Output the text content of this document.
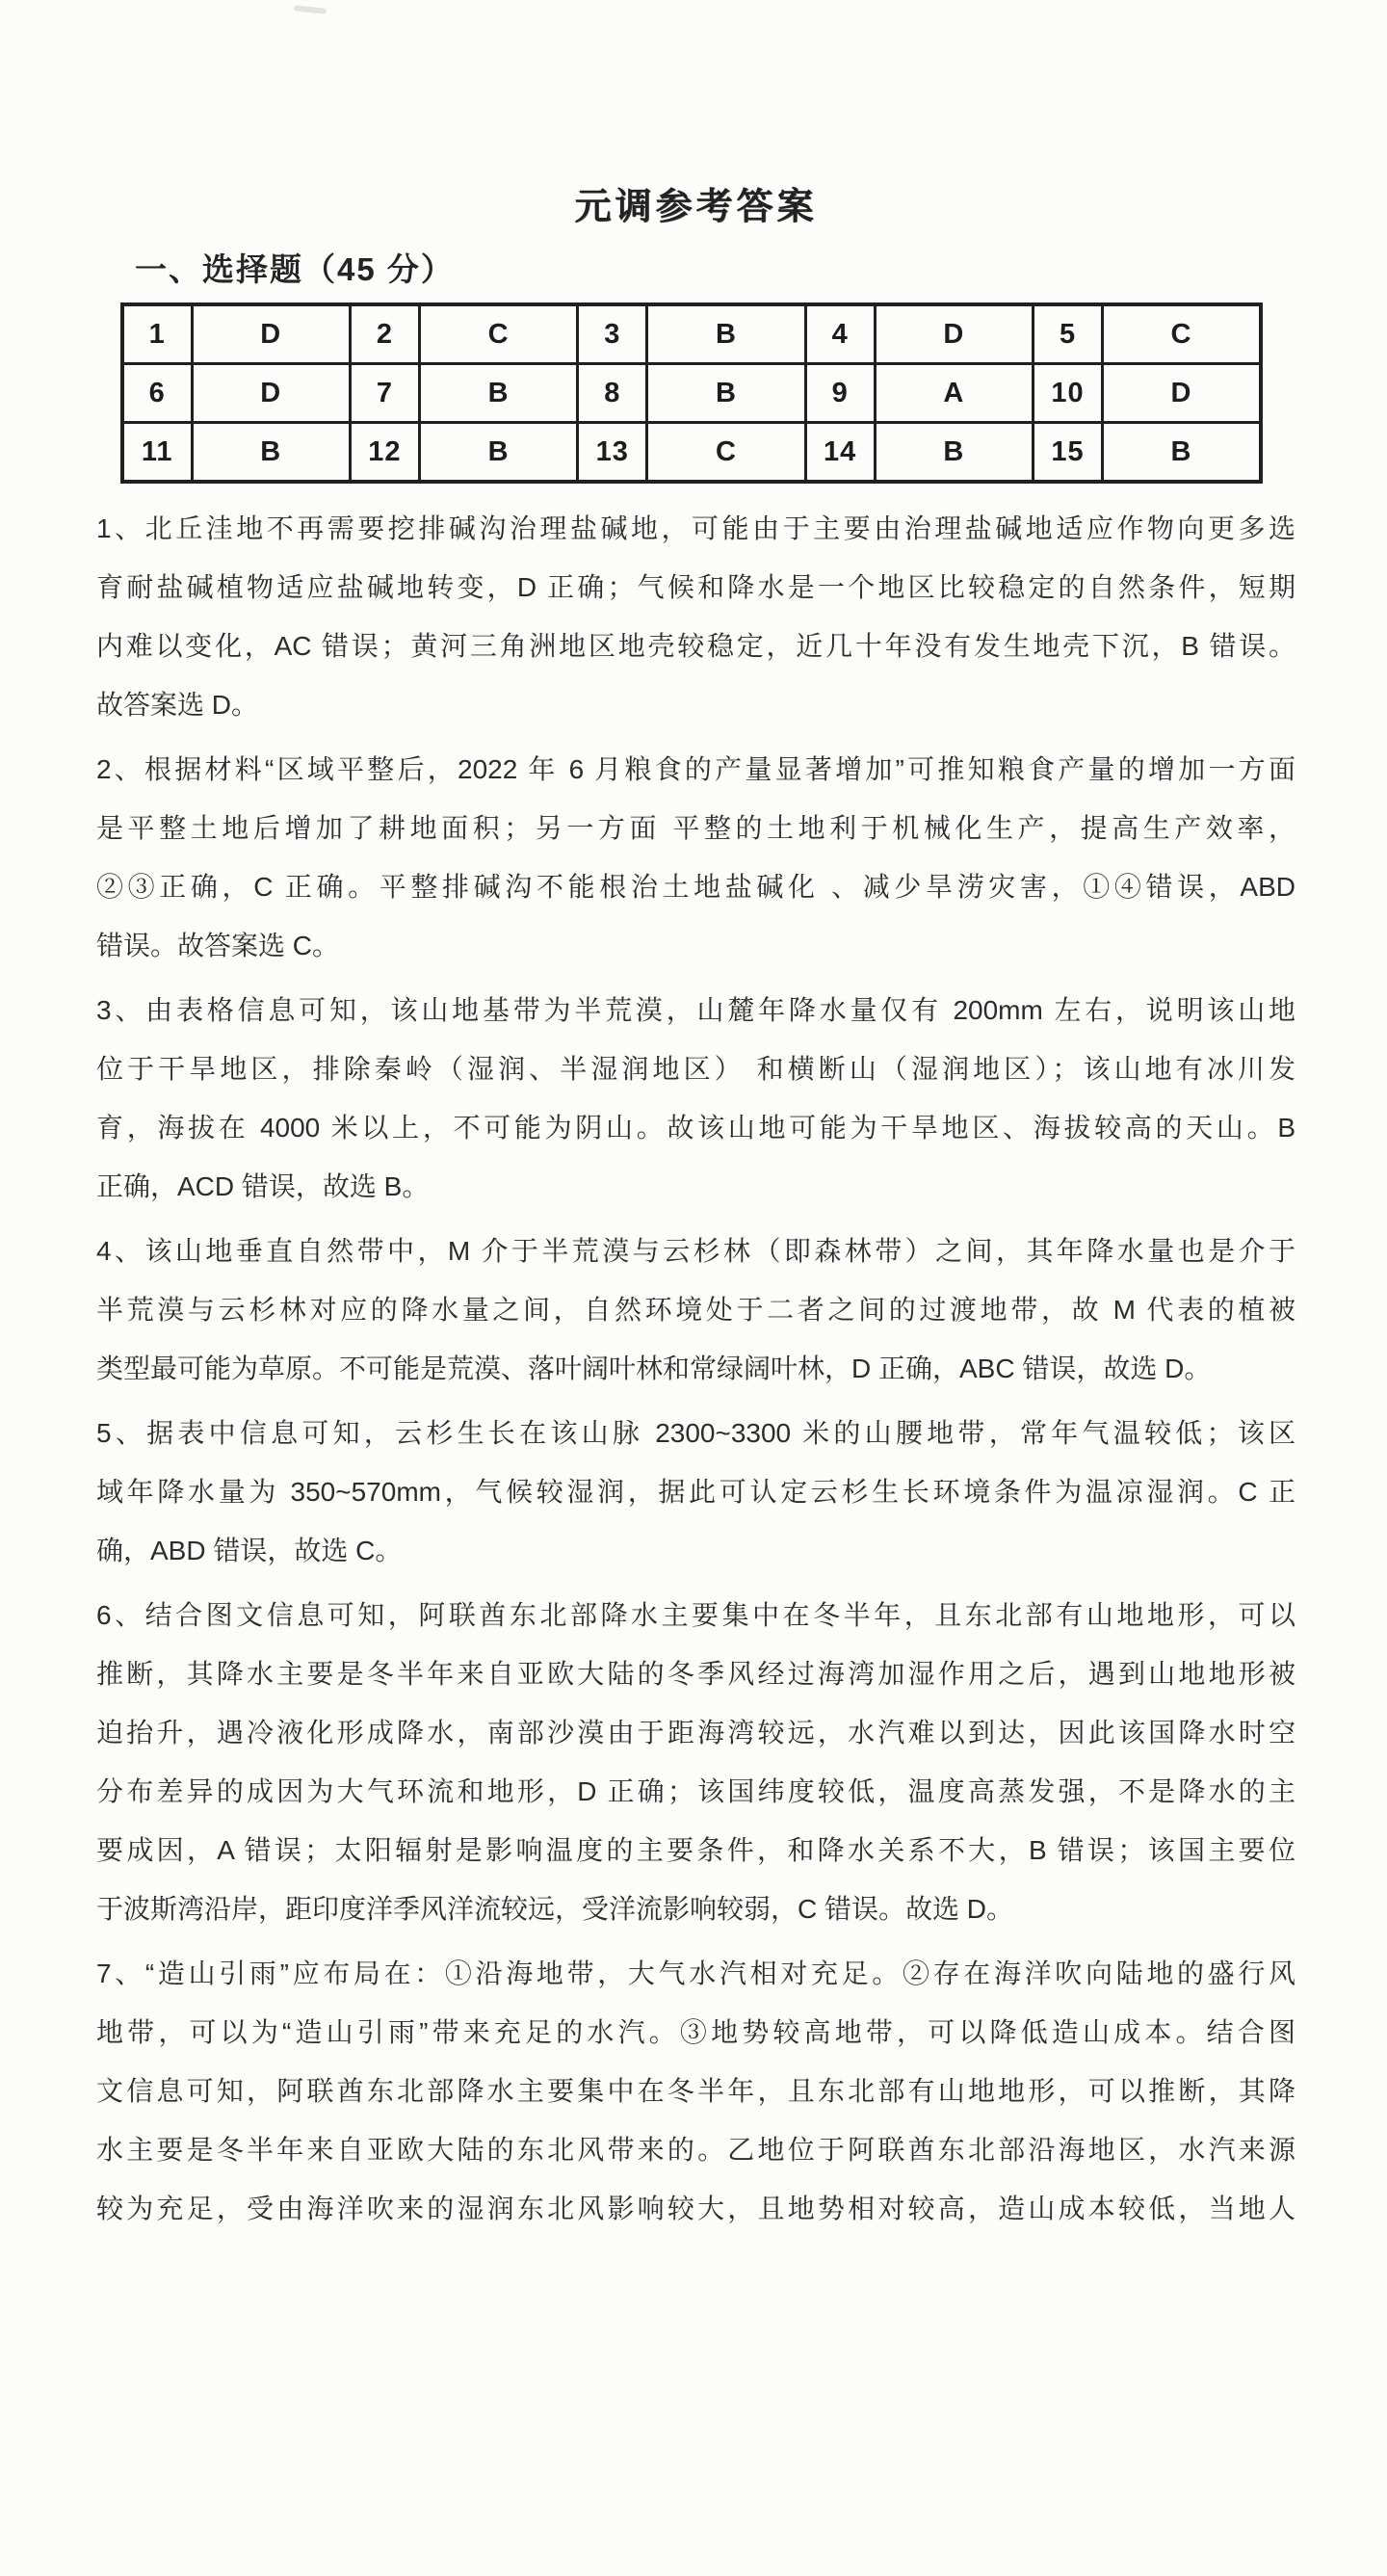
元调参考答案
一、选择题（45 分）
1	D	2	C	3	B	4	D	5	C
6	D	7	B	8	B	9	A	10	D
11	B	12	B	13	C	14	B	15	B
1、北丘洼地不再需要挖排碱沟治理盐碱地，可能由于主要由治理盐碱地适应作物向更多选
育耐盐碱植物适应盐碱地转变，D 正确；气候和降水是一个地区比较稳定的自然条件，短期
内难以变化，AC 错误；黄河三角洲地区地壳较稳定，近几十年没有发生地壳下沉，B 错误。
故答案选 D。
2、根据材料“区域平整后，2022 年 6 月粮食的产量显著增加”可推知粮食产量的增加一方面
是平整土地后增加了耕地面积；另一方面 平整的土地利于机械化生产，提高生产效率，
②③正确，C 正确。平整排碱沟不能根治土地盐碱化 、减少旱涝灾害，①④错误，ABD
错误。故答案选 C。
3、由表格信息可知，该山地基带为半荒漠，山麓年降水量仅有 200mm 左右，说明该山地
位于干旱地区，排除秦岭（湿润、半湿润地区） 和横断山（湿润地区）；该山地有冰川发
育，海拔在 4000 米以上，不可能为阴山。故该山地可能为干旱地区、海拔较高的天山。B
正确，ACD 错误，故选 B。
4、该山地垂直自然带中，M 介于半荒漠与云杉林（即森林带）之间，其年降水量也是介于
半荒漠与云杉林对应的降水量之间，自然环境处于二者之间的过渡地带，故 M 代表的植被
类型最可能为草原。不可能是荒漠、落叶阔叶林和常绿阔叶林，D 正确，ABC 错误，故选 D。
5、据表中信息可知，云杉生长在该山脉 2300~3300 米的山腰地带，常年气温较低；该区
域年降水量为 350~570mm，气候较湿润，据此可认定云杉生长环境条件为温凉湿润。C 正
确，ABD 错误，故选 C。
6、结合图文信息可知，阿联酋东北部降水主要集中在冬半年，且东北部有山地地形，可以
推断，其降水主要是冬半年来自亚欧大陆的冬季风经过海湾加湿作用之后，遇到山地地形被
迫抬升，遇冷液化形成降水，南部沙漠由于距海湾较远，水汽难以到达，因此该国降水时空
分布差异的成因为大气环流和地形，D 正确；该国纬度较低，温度高蒸发强，不是降水的主
要成因，A 错误；太阳辐射是影响温度的主要条件，和降水关系不大，B 错误；该国主要位
于波斯湾沿岸，距印度洋季风洋流较远，受洋流影响较弱，C 错误。故选 D。
7、“造山引雨”应布局在：①沿海地带，大气水汽相对充足。②存在海洋吹向陆地的盛行风
地带，可以为“造山引雨”带来充足的水汽。③地势较高地带，可以降低造山成本。结合图
文信息可知，阿联酋东北部降水主要集中在冬半年，且东北部有山地地形，可以推断，其降
水主要是冬半年来自亚欧大陆的东北风带来的。乙地位于阿联酋东北部沿海地区，水汽来源
较为充足，受由海洋吹来的湿润东北风影响较大，且地势相对较高，造山成本较低，当地人
